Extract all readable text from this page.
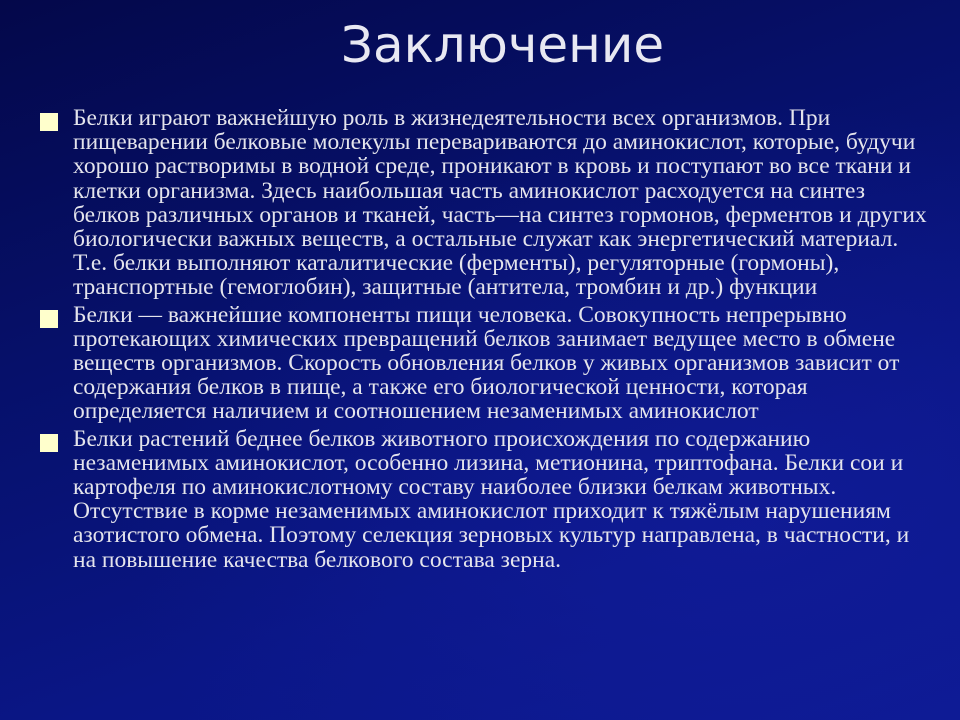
Заключение

Белки играют важнейшую роль в жизнедеятельности всех организмов. При пищеварении белковые молекулы перевариваются до аминокислот, которые, будучи хорошо растворимы в водной среде, проникают в кровь и поступают во все ткани и клетки организма. Здесь наибольшая часть аминокислот расходуется на синтез белков различных органов и тканей, часть—на синтез гормонов, ферментов и других биологически важных веществ, а остальные служат как энергетический материал. Т.е. белки выполняют каталитические (ферменты), регуляторные (гормоны), транспортные (гемоглобин), защитные (антитела, тромбин и др.) функции

Белки — важнейшие компоненты пищи человека. Совокупность непрерывно протекающих химических превращений белков занимает ведущее место в обмене веществ организмов. Скорость обновления белков у живых организмов зависит от содержания белков в пище, а также его биологической ценности, которая определяется наличием и соотношением незаменимых аминокислот

Белки растений беднее белков животного происхождения по содержанию незаменимых аминокислот, особенно лизина, метионина, триптофана. Белки сои и картофеля по аминокислотному составу наиболее близки белкам животных. Отсутствие в корме незаменимых аминокислот приходит к тяжёлым нарушениям азотистого обмена. Поэтому селекция зерновых культур направлена, в частности, и на повышение качества белкового состава зерна.
